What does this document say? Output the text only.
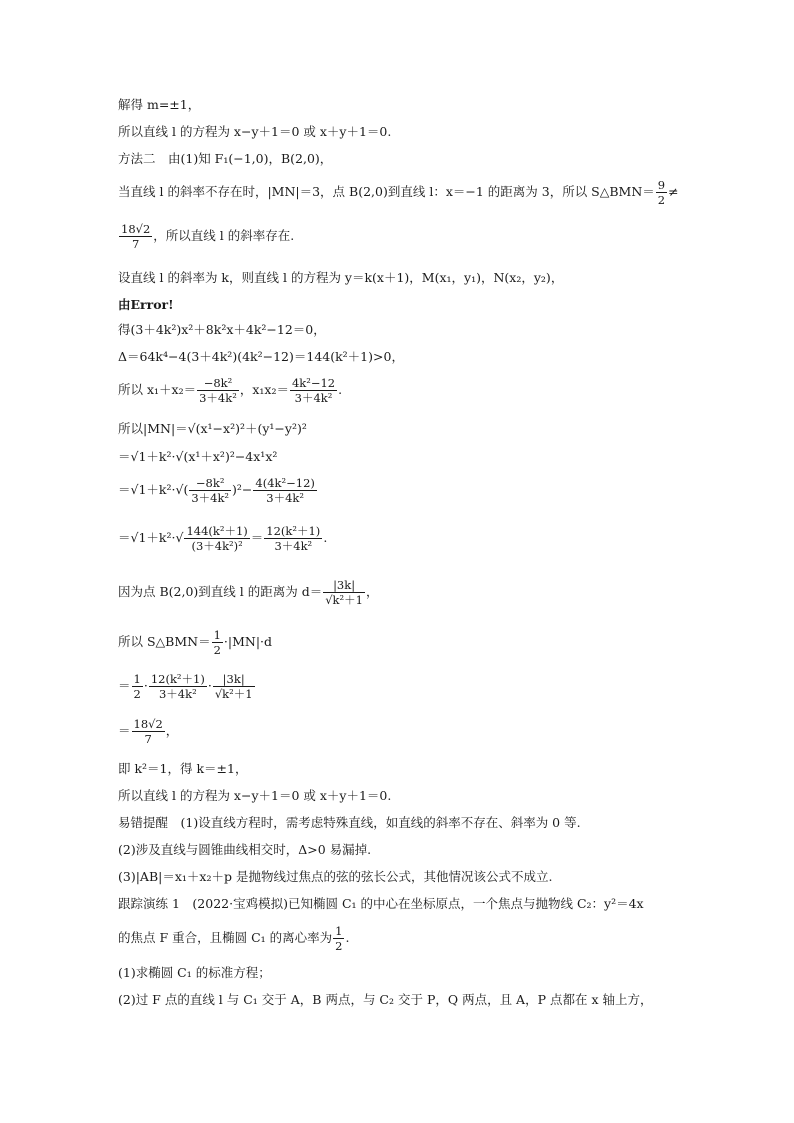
解得 m=±1，
所以直线 l 的方程为 x−y＋1＝0 或 x＋y＋1＝0.
方法二　由(1)知 F₁(−1,0)，B(2,0)，
当直线 l 的斜率不存在时，|MN|＝3，点 B(2,0)到直线 l：x＝−1 的距离为 3，所以 S△BMN＝ $\frac{9}{2}$ ≠
$\frac{18√2}{7}$ ，所以直线 l 的斜率存在.
设直线 l 的斜率为 k，则直线 l 的方程为 y＝k(x＋1)，M(x₁，y₁)，N(x₂，y₂)，
由Error!
得(3＋4k²)x²＋8k²x＋4k²−12＝0，
Δ＝64k⁴−4(3＋4k²)(4k²−12)＝144(k²＋1)>0，
所以 $x_1+x_2= \frac{\text{−8k²}}{\text{3＋4k²}}$ ，$x_1x_2= \frac{\text{4k²−12}}{\text{3＋4k²}}$ .
所以|MN|＝√(x¹−x²)²＋(y¹−y²)²
＝√1＋k²·√(x¹＋x²)²−4x¹x²
$=√1+k^2\cdot√( \frac{\text{−8k²}}{\text{3＋4k²}} )^2- \frac{\text{4(4k²−12)}}{\text{3＋4k²}}$
$=√1+k^2\cdot√ \frac{\text{144(k²＋1)}}{\text{(3＋4k²)²}} = \frac{\text{12(k²＋1)}}{\text{3＋4k²}}$ .
因为点 B(2,0)到直线 l 的距离为 $d= \frac{|3k|}{\text{√k²＋1}}$ ，
所以 S△BMN＝ $\frac{1}{2} \cdot|MN|\cdot d$
＝ $\frac{1}{2} \cdot \frac{\text{12(k²＋1)}}{\text{3＋4k²}} \cdot \frac{|3k|}{\text{√k²＋1}}$
＝ $\frac{18√2}{7}$ ，
即 k²＝1，得 k＝±1，
所以直线 l 的方程为 x−y＋1＝0 或 x＋y＋1＝0.
易错提醒　(1)设直线方程时，需考虑特殊直线，如直线的斜率不存在、斜率为 0 等.
(2)涉及直线与圆锥曲线相交时，Δ>0 易漏掉.
(3)|AB|＝x₁＋x₂＋p 是抛物线过焦点的弦的弦长公式，其他情况该公式不成立.
跟踪演练 1　(2022·宝鸡模拟)已知椭圆 C₁ 的中心在坐标原点，一个焦点与抛物线 C₂：y²＝4x
的焦点 F 重合，且椭圆 C₁ 的离心率为 $\frac{1}{2}$ .
(1)求椭圆 C₁ 的标准方程；
(2)过 F 点的直线 l 与 C₁ 交于 A，B 两点，与 C₂ 交于 P，Q 两点，且 A，P 点都在 x 轴上方，
